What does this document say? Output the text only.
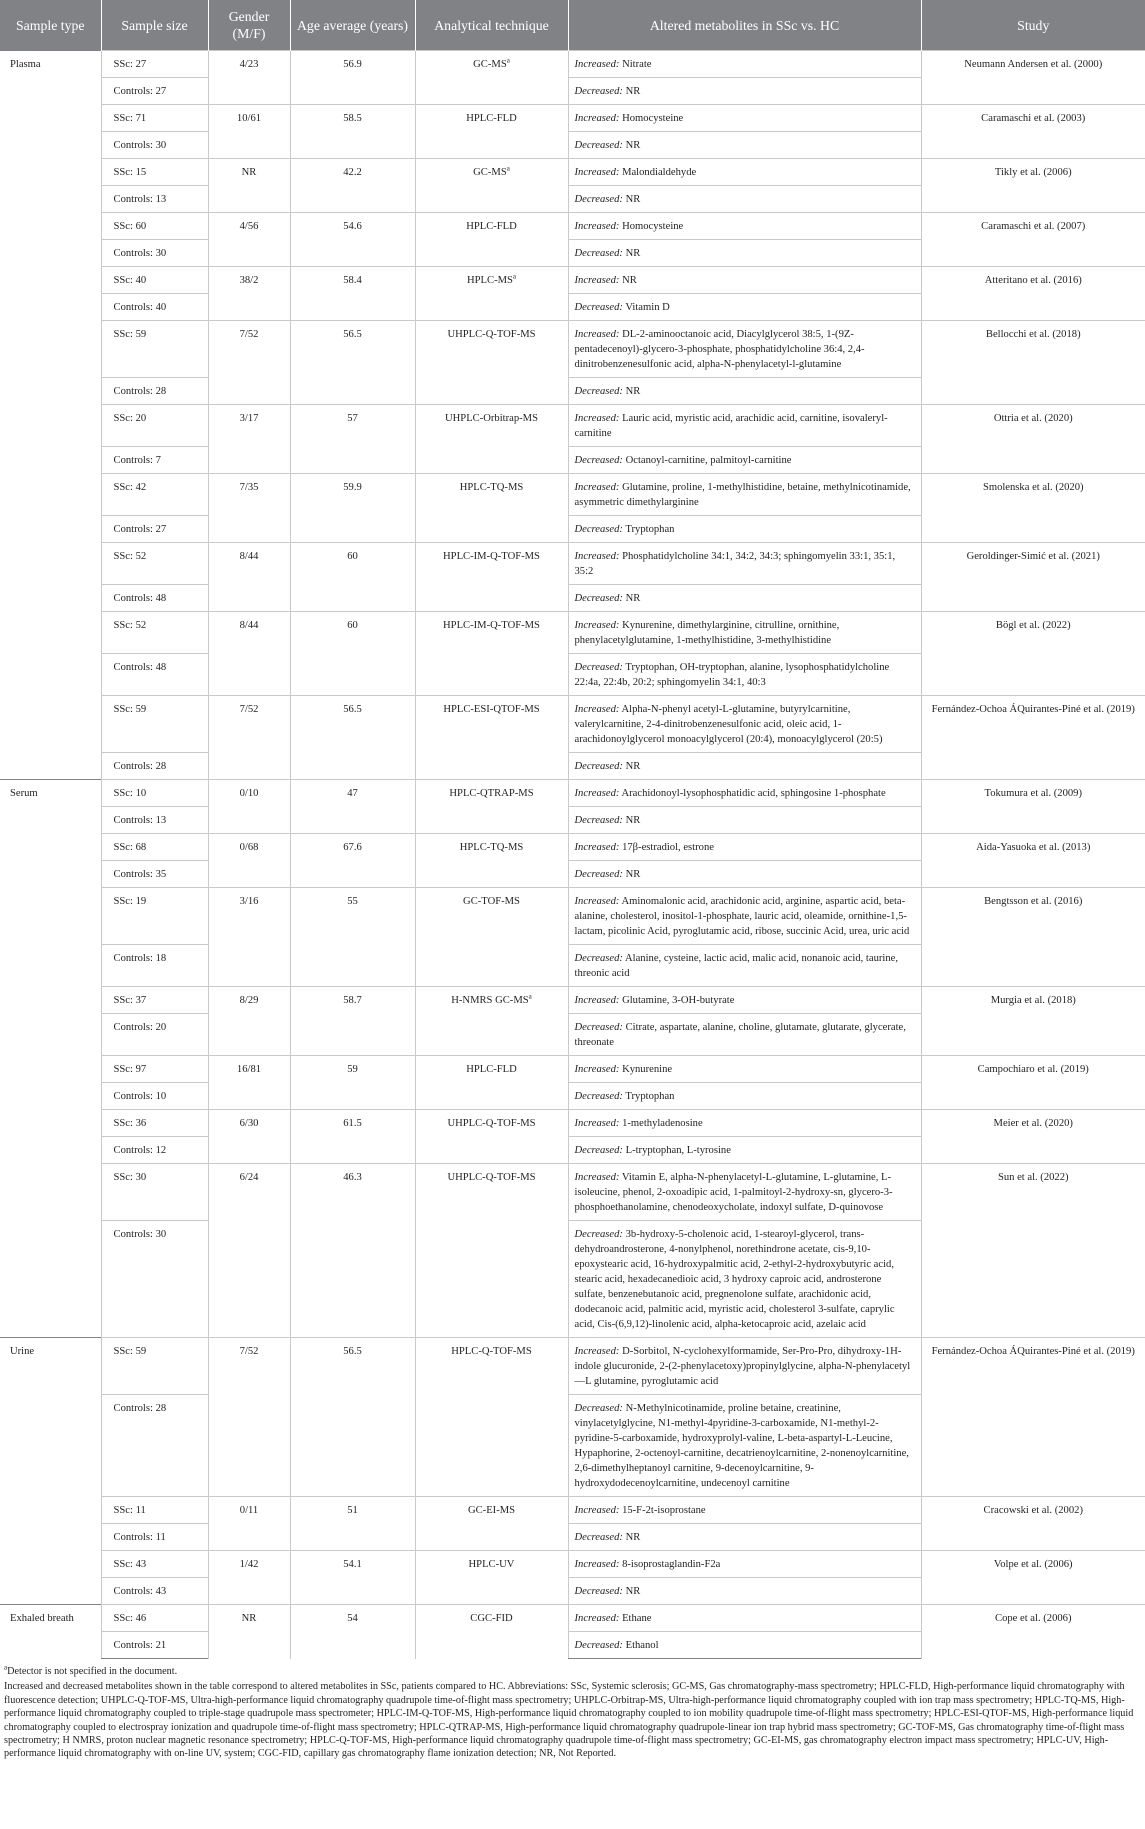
Sample type	Sample size	Gender (M/F)	Age average (years)	Analytical technique	Altered metabolites in SSc vs. HC	Study
Plasma	SSc: 27	4/23	56.9	$GC-MS^a$	Increased: Nitrate	Neumann Andersen et al. (2000)
	Controls: 27				Decreased: NR	
	SSc: 71	10/61	58.5	HPLC-FLD	Increased: Homocysteine	Caramaschi et al. (2003)
	Controls: 30				Decreased: NR	
	SSc: 15	NR	42.2	$GC-MS^a$	Increased: Malondialdehyde	Tikly et al. (2006)
	Controls: 13				Decreased: NR	
	SSc: 60	4/56	54.6	HPLC-FLD	Increased: Homocysteine	Caramaschi et al. (2007)
	Controls: 30				Decreased: NR	
	SSc: 40	38/2	58.4	HPLC-$MS^a$	Increased: NR	Atteritano et al. (2016)
	Controls: 40				Decreased: Vitamin D	
	SSc: 59	7/52	56.5	UHPLC-Q-TOF-MS	Increased: DL-2-aminooctanoic acid, Diacylglycerol 38:5, 1-(9Z-pentadecenoyl)-glycero-3-phosphate, phosphatidylcholine 36:4, 2,4-dinitrobenzenesulfonic acid, alpha-N-phenylacetyl-l-glutamine	Bellocchi et al. (2018)
	Controls: 28				Decreased: NR	
	SSc: 20	3/17	57	UHPLC-Orbitrap-MS	Increased: Lauric acid, myristic acid, arachidic acid, carnitine, isovaleryl-carnitine	Ottria et al. (2020)
	Controls: 7				Decreased: Octanoyl-carnitine, palmitoyl-carnitine	
	SSc: 42	7/35	59.9	HPLC-TQ-MS	Increased: Glutamine, proline, 1-methylhistidine, betaine, methylnicotinamide, asymmetric dimethylarginine	Smolenska et al. (2020)
	Controls: 27				Decreased: Tryptophan	
	SSc: 52	8/44	60	HPLC-IM-Q-TOF-MS	Increased: Phosphatidylcholine 34:1, 34:2, 34:3; sphingomyelin 33:1, 35:1, 35:2	Geroldinger-Simić et al. (2021)
	Controls: 48				Decreased: NR	
	SSc: 52	8/44	60	HPLC-IM-Q-TOF-MS	Increased: Kynurenine, dimethylarginine, citrulline, ornithine, phenylacetylglutamine, 1-methylhistidine, 3-methylhistidine	Bögl et al. (2022)
	Controls: 48				Decreased: Tryptophan, OH-tryptophan, alanine, lysophosphatidylcholine 22:4a, 22:4b, 20:2; sphingomyelin 34:1, 40:3	
	SSc: 59	7/52	56.5	HPLC-ESI-QTOF-MS	Increased: Alpha-N-phenyl acetyl-L-glutamine, butyrylcarnitine, valerylcarnitine, 2-4-dinitrobenzenesulfonic acid, oleic acid, 1-arachidonoylglycerol monoacylglycerol (20:4), monoacylglycerol (20:5)	Fernández-Ochoa ÁQuirantes-Piné et al. (2019)
	Controls: 28				Decreased: NR	
Serum	SSc: 10	0/10	47	HPLC-QTRAP-MS	Increased: Arachidonoyl-lysophosphatidic acid, sphingosine 1-phosphate	Tokumura et al. (2009)
	Controls: 13				Decreased: NR	
	SSc: 68	0/68	67.6	HPLC-TQ-MS	Increased: 17β-estradiol, estrone	Aida-Yasuoka et al. (2013)
	Controls: 35				Decreased: NR	
	SSc: 19	3/16	55	GC-TOF-MS	Increased: Aminomalonic acid, arachidonic acid, arginine, aspartic acid, beta-alanine, cholesterol, inositol-1-phosphate, lauric acid, oleamide, ornithine-1,5-lactam, picolinic Acid, pyroglutamic acid, ribose, succinic Acid, urea, uric acid	Bengtsson et al. (2016)
	Controls: 18				Decreased: Alanine, cysteine, lactic acid, malic acid, nonanoic acid, taurine, threonic acid	
	SSc: 37	8/29	58.7	H-NMRS $GC-MS^a$	Increased: Glutamine, 3-OH-butyrate	Murgia et al. (2018)
	Controls: 20				Decreased: Citrate, aspartate, alanine, choline, glutamate, glutarate, glycerate, threonate	
	SSc: 97	16/81	59	HPLC-FLD	Increased: Kynurenine	Campochiaro et al. (2019)
	Controls: 10				Decreased: Tryptophan	
	SSc: 36	6/30	61.5	UHPLC-Q-TOF-MS	Increased: 1-methyladenosine	Meier et al. (2020)
	Controls: 12				Decreased: L-tryptophan, L-tyrosine	
	SSc: 30	6/24	46.3	UHPLC-Q-TOF-MS	Increased: Vitamin E, alpha-N-phenylacetyl-L-glutamine, L-glutamine, L-isoleucine, phenol, 2-oxoadipic acid, 1-palmitoyl-2-hydroxy-sn, glycero-3-phosphoethanolamine, chenodeoxycholate, indoxyl sulfate, D-quinovose	Sun et al. (2022)
	Controls: 30				Decreased: 3b-hydroxy-5-cholenoic acid, 1-stearoyl-glycerol, trans-dehydroandrosterone, 4-nonylphenol, norethindrone acetate, cis-9,10-epoxystearic acid, 16-hydroxypalmitic acid, 2-ethyl-2-hydroxybutyric acid, stearic acid, hexadecanedioic acid, 3 hydroxy caproic acid, androsterone sulfate, benzenebutanoic acid, pregnenolone sulfate, arachidonic acid, dodecanoic acid, palmitic acid, myristic acid, cholesterol 3-sulfate, caprylic acid, Cis-(6,9,12)-linolenic acid, alpha-ketocaproic acid, azelaic acid	
Urine	SSc: 59	7/52	56.5	HPLC-Q-TOF-MS	Increased: D-Sorbitol, N-cyclohexylformamide, Ser-Pro-Pro, dihydroxy-1H-indole glucuronide, 2-(2-phenylacetoxy)propinylglycine, alpha-N-phenylacetyl—L glutamine, pyroglutamic acid	Fernández-Ochoa ÁQuirantes-Piné et al. (2019)
	Controls: 28				Decreased: N-Methylnicotinamide, proline betaine, creatinine, vinylacetylglycine, N1-methyl-4pyridine-3-carboxamide, N1-methyl-2-pyridine-5-carboxamide, hydroxyprolyl-valine, L-beta-aspartyl-L-Leucine, Hypaphorine, 2-octenoyl-carnitine, decatrienoylcarnitine, 2-nonenoylcarnitine, 2,6-dimethylheptanoyl carnitine, 9-decenoylcarnitine, 9-hydroxydodecenoylcarnitine, undecenoyl carnitine	
	SSc: 11	0/11	51	GC-EI-MS	Increased: 15-F-2t-isoprostane	Cracowski et al. (2002)
	Controls: 11				Decreased: NR	
	SSc: 43	1/42	54.1	HPLC-UV	Increased: 8-isoprostaglandin-F2a	Volpe et al. (2006)
	Controls: 43				Decreased: NR	
Exhaled breath	SSc: 46	NR	54	CGC-FID	Increased: Ethane	Cope et al. (2006)
	Controls: 21				Decreased: Ethanol	

$^a$Detector is not specified in the document.

Increased and decreased metabolites shown in the table correspond to altered metabolites in SSc, patients compared to HC. Abbreviations: SSc, Systemic sclerosis; GC-MS, Gas chromatography-mass spectrometry; HPLC-FLD, High-performance liquid chromatography with fluorescence detection; UHPLC-Q-TOF-MS, Ultra-high-performance liquid chromatography quadrupole time-of-flight mass spectrometry; UHPLC-Orbitrap-MS, Ultra-high-performance liquid chromatography coupled with ion trap mass spectrometry; HPLC-TQ-MS, High-performance liquid chromatography coupled to triple-stage quadrupole mass spectrometer; HPLC-IM-Q-TOF-MS, High-performance liquid chromatography coupled to ion mobility quadrupole time-of-flight mass spectrometry; HPLC-ESI-QTOF-MS, High-performance liquid chromatography coupled to electrospray ionization and quadrupole time-of-flight mass spectrometry; HPLC-QTRAP-MS, High-performance liquid chromatography quadrupole-linear ion trap hybrid mass spectrometry; GC-TOF-MS, Gas chromatography time-of-flight mass spectrometry; H NMRS, proton nuclear magnetic resonance spectrometry; HPLC-Q-TOF-MS, High-performance liquid chromatography quadrupole time-of-flight mass spectrometry; GC-EI-MS, gas chromatography electron impact mass spectrometry; HPLC-UV, High-performance liquid chromatography with on-line UV, system; CGC-FID, capillary gas chromatography flame ionization detection; NR, Not Reported.
